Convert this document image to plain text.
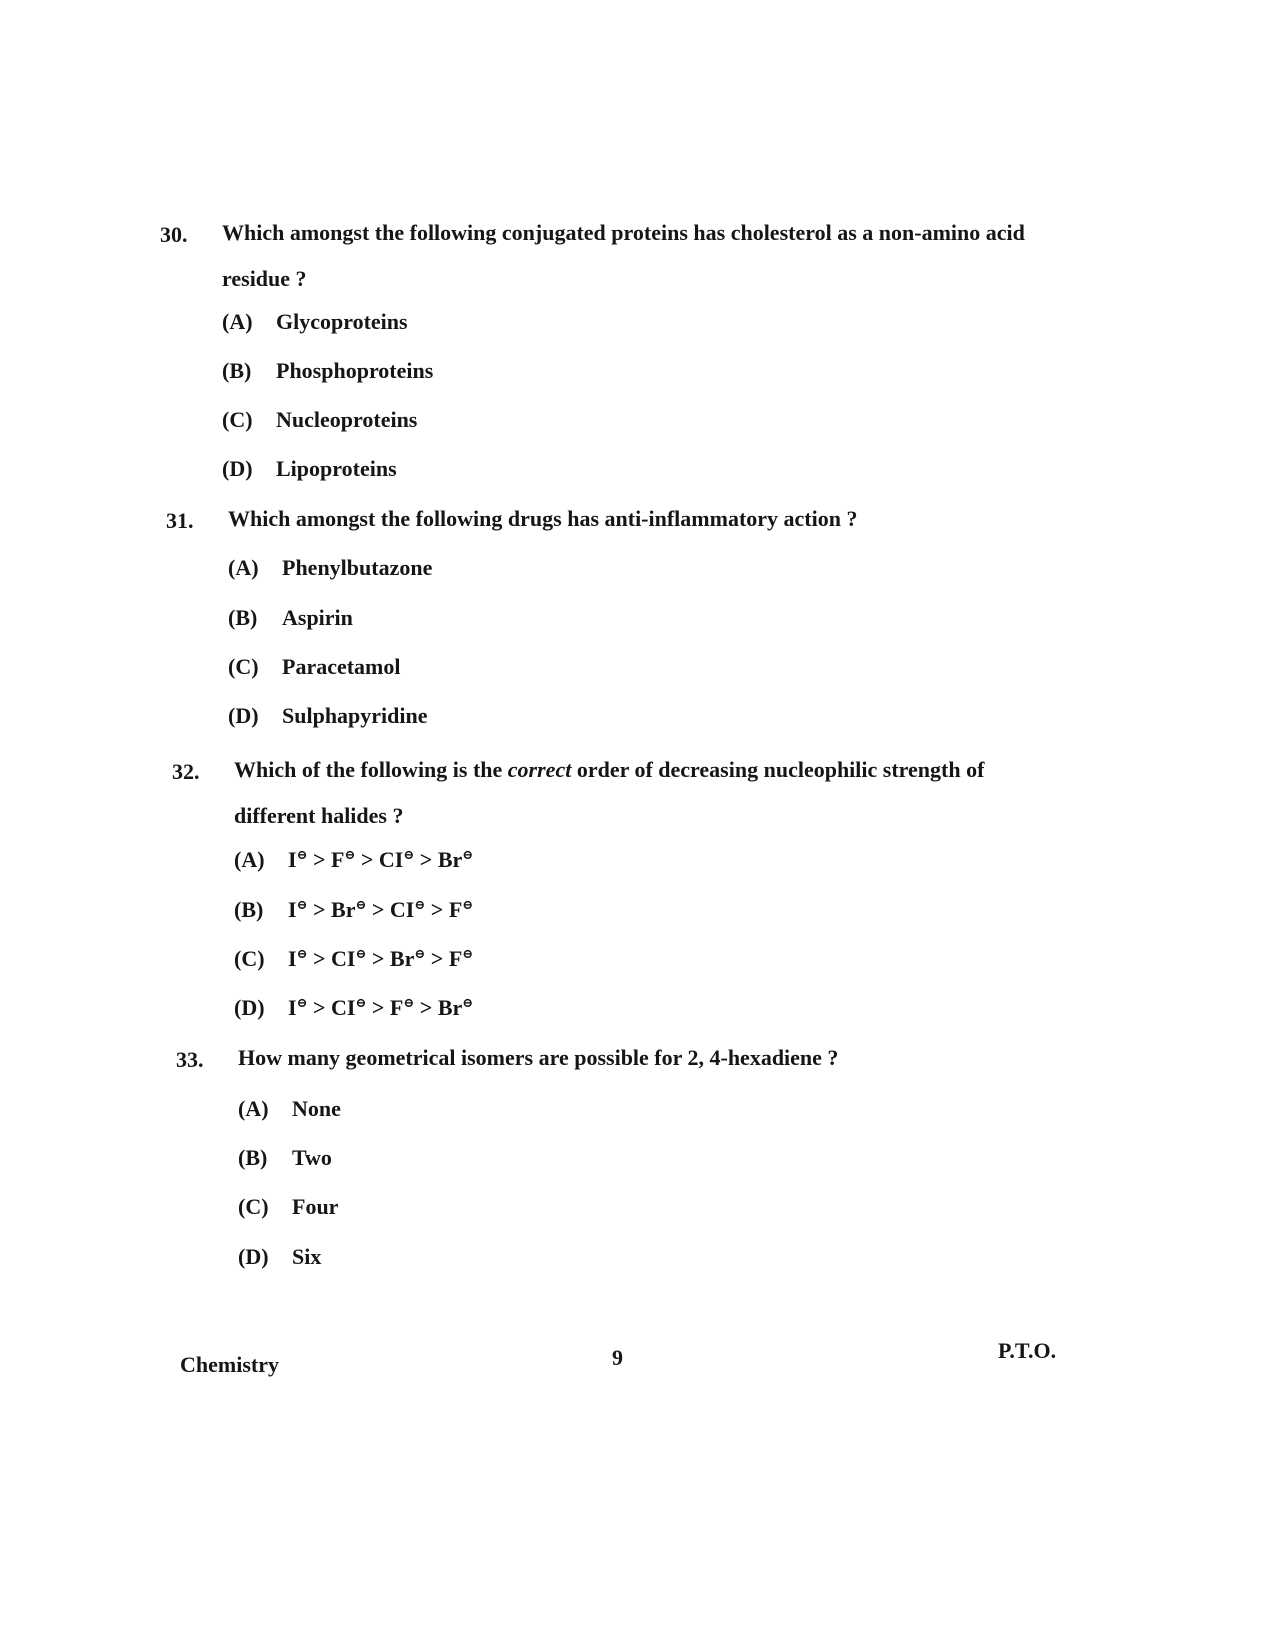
30. Which amongst the following conjugated proteins has cholesterol as a non-amino acid residue ?
(A) Glycoproteins
(B) Phosphoproteins
(C) Nucleoproteins
(D) Lipoproteins
31. Which amongst the following drugs has anti-inflammatory action ?
(A) Phenylbutazone
(B) Aspirin
(C) Paracetamol
(D) Sulphapyridine
32. Which of the following is the correct order of decreasing nucleophilic strength of different halides ?
(A) I⊖ > F⊖ > CI⊖ > Br⊖
(B) I⊖ > Br⊖ > CI⊖ > F⊖
(C) I⊖ > CI⊖ > Br⊖ > F⊖
(D) I⊖ > CI⊖ > F⊖ > Br⊖
33. How many geometrical isomers are possible for 2, 4-hexadiene ?
(A) None
(B) Two
(C) Four
(D) Six
Chemistry	9	P.T.O.
